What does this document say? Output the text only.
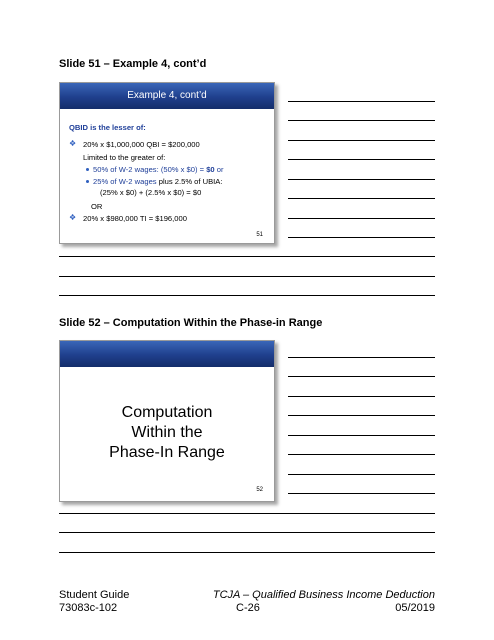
Slide 51 – Example 4, cont’d
Example 4, cont’d
QBID is the lesser of:
❖ 20% x $1,000,000 QBI = $200,000
Limited to the greater of:
50% of W-2 wages: (50% x $0) = $0 or
25% of W-2 wages plus 2.5% of UBIA:
(25% x $0) + (2.5% x $0) = $0
OR
❖ 20% x $980,000 TI = $196,000
51
Slide 52 – Computation Within the Phase-in Range
Computation
Within the
Phase-In Range
52
Student Guide
73083c-102
TCJA – Qualified Business Income Deduction
C-26	05/2019
